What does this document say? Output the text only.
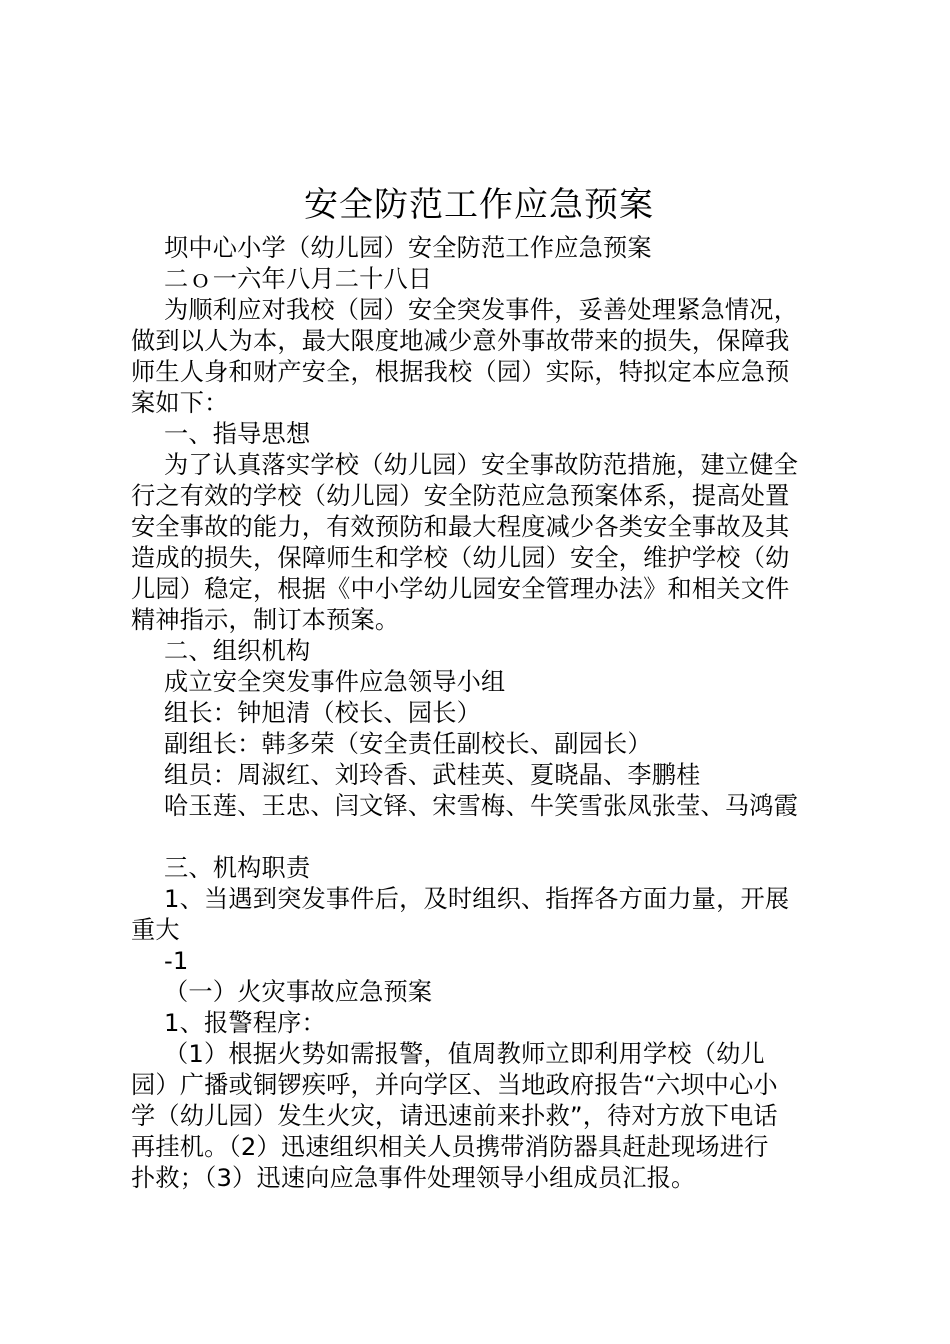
安全防范工作应急预案
坝中心小学（幼儿园）安全防范工作应急预案
二ｏ一六年八月二十八日
为顺利应对我校（园）安全突发事件，妥善处理紧急情况，
做到以人为本，最大限度地减少意外事故带来的损失，保障我
师生人身和财产安全，根据我校（园）实际，特拟定本应急预
案如下：
一、指导思想
为了认真落实学校（幼儿园）安全事故防范措施，建立健全
行之有效的学校（幼儿园）安全防范应急预案体系，提高处置
安全事故的能力，有效预防和最大程度减少各类安全事故及其
造成的损失，保障师生和学校（幼儿园）安全，维护学校（幼
儿园）稳定，根据《中小学幼儿园安全管理办法》和相关文件
精神指示，制订本预案。
二、组织机构
成立安全突发事件应急领导小组
组长：钟旭清（校长、园长）
副组长：韩多荣（安全责任副校长、副园长）
组员：周淑红、刘玲香、武桂英、夏晓晶、李鹏桂
哈玉莲、王忠、闫文铎、宋雪梅、牛笑雪张凤张莹、马鸿霞
三、机构职责
1、当遇到突发事件后，及时组织、指挥各方面力量，开展
重大
-1
（一）火灾事故应急预案
1、报警程序：
（1）根据火势如需报警，值周教师立即利用学校（幼儿
园）广播或铜锣疾呼，并向学区、当地政府报告“六坝中心小
学（幼儿园）发生火灾，请迅速前来扑救”，待对方放下电话
再挂机。（2）迅速组织相关人员携带消防器具赶赴现场进行
扑救；（3）迅速向应急事件处理领导小组成员汇报。
